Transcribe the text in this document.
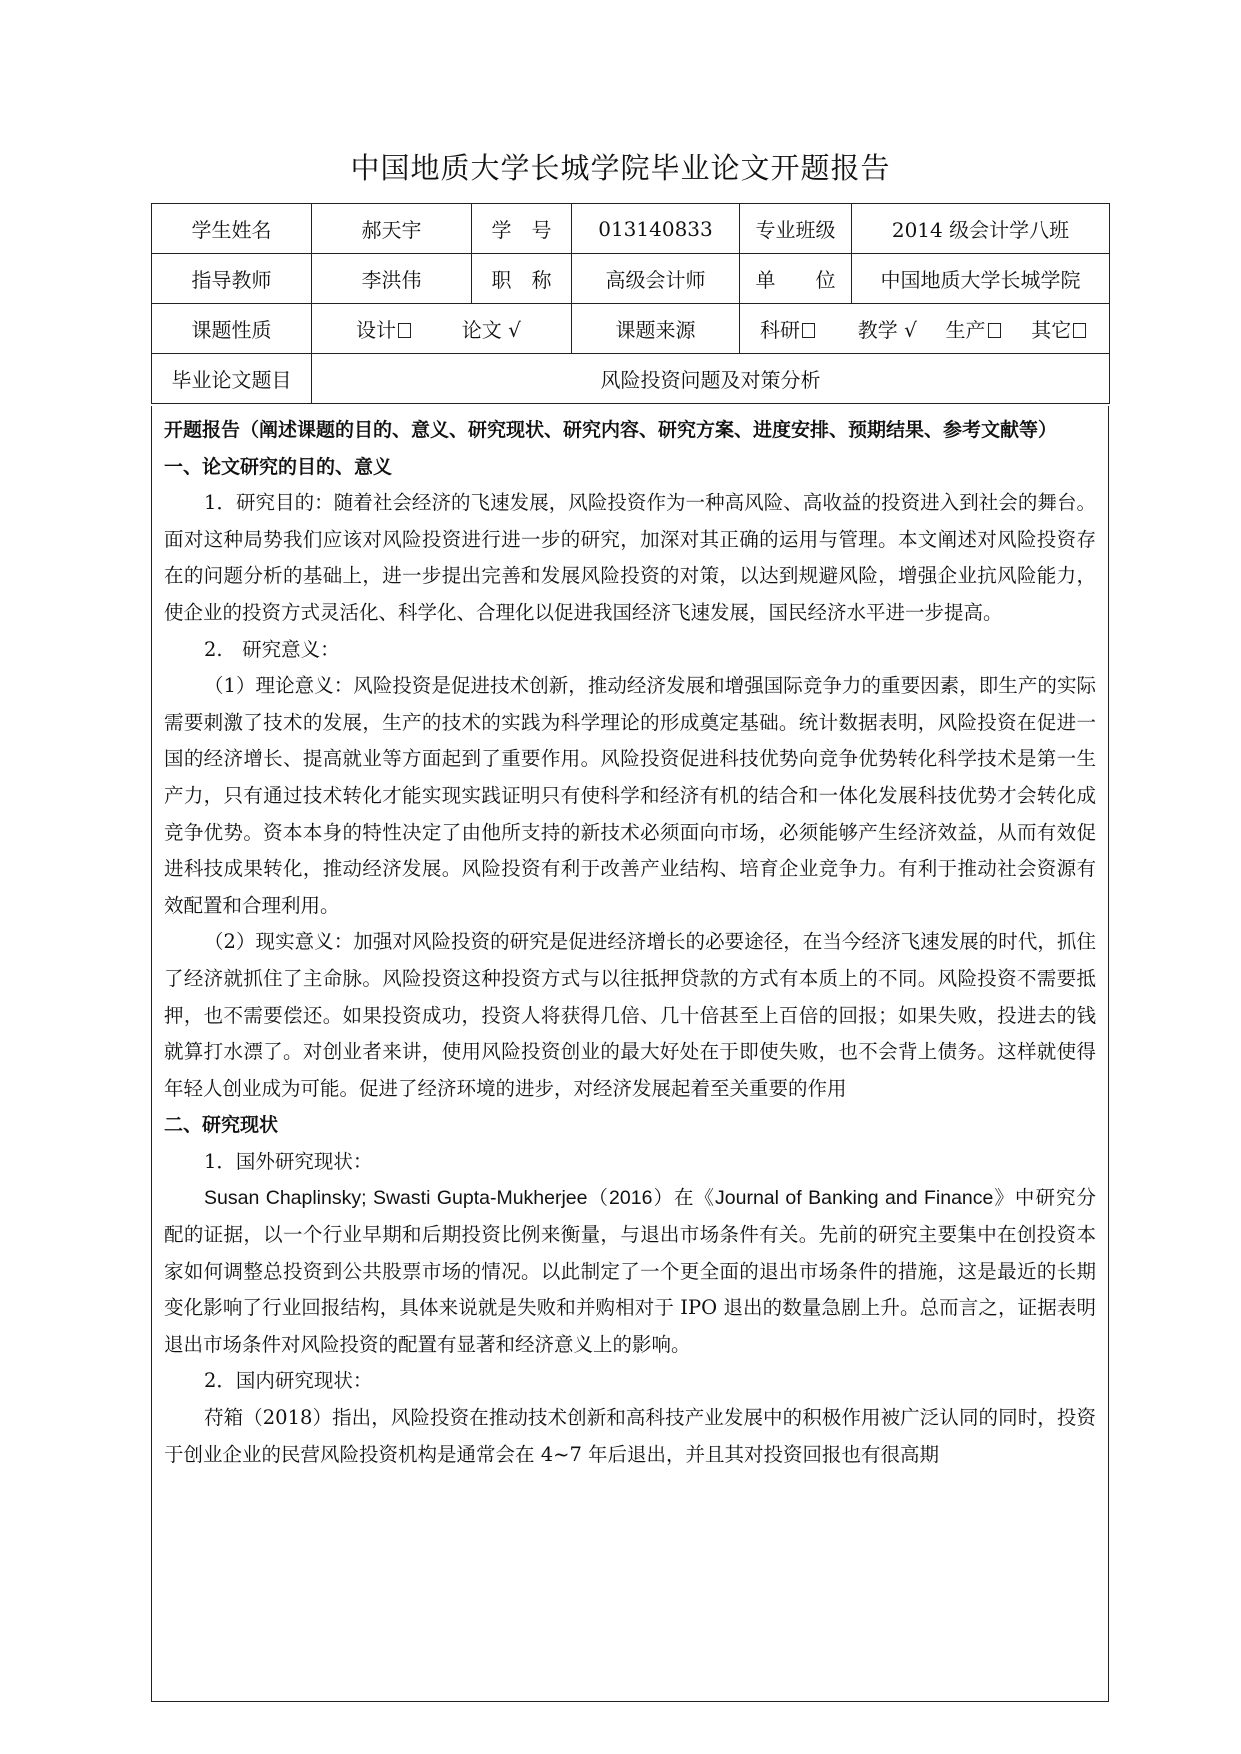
中国地质大学长城学院毕业论文开题报告
学生姓名	郝天宇	学　号	013140833	专业班级	2014 级会计学八班
指导教师	李洪伟	职　称	高级会计师	单　　位	中国地质大学长城学院
课题性质	设计 论文 √		课题来源	科研 教学 √ 生产 其它	
毕业论文题目	风险投资问题及对策分析				

开题报告（阐述课题的目的、意义、研究现状、研究内容、研究方案、进度安排、预期结果、参考文献等）

一、论文研究的目的、意义

1．研究目的：随着社会经济的飞速发展，风险投资作为一种高风险、高收益的投资进入到社会的舞台。面对这种局势我们应该对风险投资进行进一步的研究，加深对其正确的运用与管理。本文阐述对风险投资存在的问题分析的基础上，进一步提出完善和发展风险投资的对策，以达到规避风险，增强企业抗风险能力，使企业的投资方式灵活化、科学化、合理化以促进我国经济飞速发展，国民经济水平进一步提高。

2.　研究意义：

（1）理论意义：风险投资是促进技术创新，推动经济发展和增强国际竞争力的重要因素，即生产的实际需要刺激了技术的发展，生产的技术的实践为科学理论的形成奠定基础。统计数据表明，风险投资在促进一国的经济增长、提高就业等方面起到了重要作用。风险投资促进科技优势向竞争优势转化科学技术是第一生产力，只有通过技术转化才能实现实践证明只有使科学和经济有机的结合和一体化发展科技优势才会转化成竞争优势。资本本身的特性决定了由他所支持的新技术必须面向市场，必须能够产生经济效益，从而有效促进科技成果转化，推动经济发展。风险投资有利于改善产业结构、培育企业竞争力。有利于推动社会资源有效配置和合理利用。

（2）现实意义：加强对风险投资的研究是促进经济增长的必要途径，在当今经济飞速发展的时代，抓住了经济就抓住了主命脉。风险投资这种投资方式与以往抵押贷款的方式有本质上的不同。风险投资不需要抵押，也不需要偿还。如果投资成功，投资人将获得几倍、几十倍甚至上百倍的回报；如果失败，投进去的钱就算打水漂了。对创业者来讲，使用风险投资创业的最大好处在于即使失败，也不会背上债务。这样就使得年轻人创业成为可能。促进了经济环境的进步，对经济发展起着至关重要的作用

二、研究现状

1．国外研究现状：

Susan Chaplinsky; Swasti Gupta-Mukherjee（2016）在《Journal of Banking and Finance》中研究分配的证据，以一个行业早期和后期投资比例来衡量，与退出市场条件有关。先前的研究主要集中在创投资本家如何调整总投资到公共股票市场的情况。以此制定了一个更全面的退出市场条件的措施，这是最近的长期变化影响了行业回报结构，具体来说就是失败和并购相对于 IPO 退出的数量急剧上升。总而言之，证据表明退出市场条件对风险投资的配置有显著和经济意义上的影响。

2．国内研究现状：

苻箱（2018）指出，风险投资在推动技术创新和高科技产业发展中的积极作用被广泛认同的同时，投资于创业企业的民营风险投资机构是通常会在 4~7 年后退出，并且其对投资回报也有很高期
